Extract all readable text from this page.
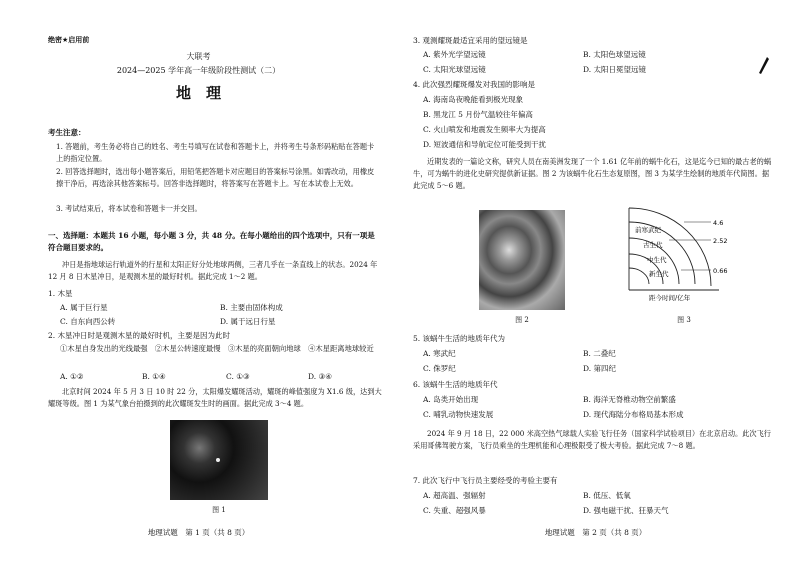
绝密★启用前
大联考
2024—2025 学年高一年级阶段性测试（二）
地　理
考生注意：
1. 答题前，考生务必将自己的姓名、考生号填写在试卷和答题卡上，并将考生号条形码粘贴在答题卡上的指定位置。
2. 回答选择题时，选出每小题答案后，用铅笔把答题卡对应题目的答案标号涂黑。如需改动，用橡皮擦干净后，再选涂其他答案标号。回答非选择题时，将答案写在答题卡上。写在本试卷上无效。
3. 考试结束后，将本试卷和答题卡一并交回。
一、选择题：本题共 16 小题，每小题 3 分，共 48 分。在每小题给出的四个选项中，只有一项是符合题目要求的。
冲日是指地球运行轨道外的行星和太阳正好分处地球两侧，三者几乎在一条直线上的状态。2024 年 12 月 8 日木星冲日，是观测木星的最好时机。据此完成 1～2 题。
1. 木星
A. 属于巨行星	B. 主要由固体构成
C. 自东向西公转	D. 属于远日行星
2. 木星冲日时是观测木星的最好时机，主要是因为此时
①木星自身发出的光线最强　②木星公转速度最慢　③木星的亮面朝向地球　④木星距离地球较近
A. ①②	B. ①④	C. ①③	D. ③④
北京时间 2024 年 5 月 3 日 10 时 22 分，太阳爆发耀斑活动，耀斑的峰值强度为 X1.6 级，达到大耀斑等级。图 1 为某气象台拍摄到的此次耀斑发生时的画面。据此完成 3～4 题。
图 1
地理试题　第 1 页（共 8 页）
3. 观测耀斑最适宜采用的望远镜是
A. 紫外光学望远镜	B. 太阳色球望远镜
C. 太阳光球望远镜	D. 太阳日冕望远镜
4. 此次强烈耀斑爆发对我国的影响是
A. 海南岛夜晚能看到极光现象
B. 黑龙江 5 月份气温较往年偏高
C. 火山喷发和地震发生频率大为提高
D. 短波通信和导航定位可能受到干扰
近期发表的一篇论文称，研究人员在南美洲发现了一个 1.61 亿年前的蜗牛化石，这是迄今已知的最古老的蜗牛，可为蜗牛的进化史研究提供新证据。图 2 为该蜗牛化石生态复原图，图 3 为某学生绘制的地质年代简图。据此完成 5～6 题。
图 2
前寒武纪
古生代
中生代
新生代
4.6
2.52
0.66
距今时间/亿年
图 3
5. 该蜗牛生活的地质年代为
A. 寒武纪	B. 二叠纪
C. 侏罗纪	D. 第四纪
6. 该蜗牛生活的地质年代
A. 岛类开始出现	B. 海洋无脊椎动物空前繁盛
C. 哺乳动物快速发展	D. 现代海陆分布格局基本形成
2024 年 9 月 18 日，22 000 米高空热气球载人实验飞行任务（国家科学试验项目）在北京启动。此次飞行采用哥佛驾驶方案，飞行员乘坐的生理机能和心理极限受了极大考验。据此完成 7～8 题。
7. 此次飞行中飞行员主要经受的考验主要有
A. 超高温、强辐射	B. 低压、低氧
C. 失重、超强风暴	D. 强电磁干扰、狂暴天气
地理试题　第 2 页（共 8 页）
